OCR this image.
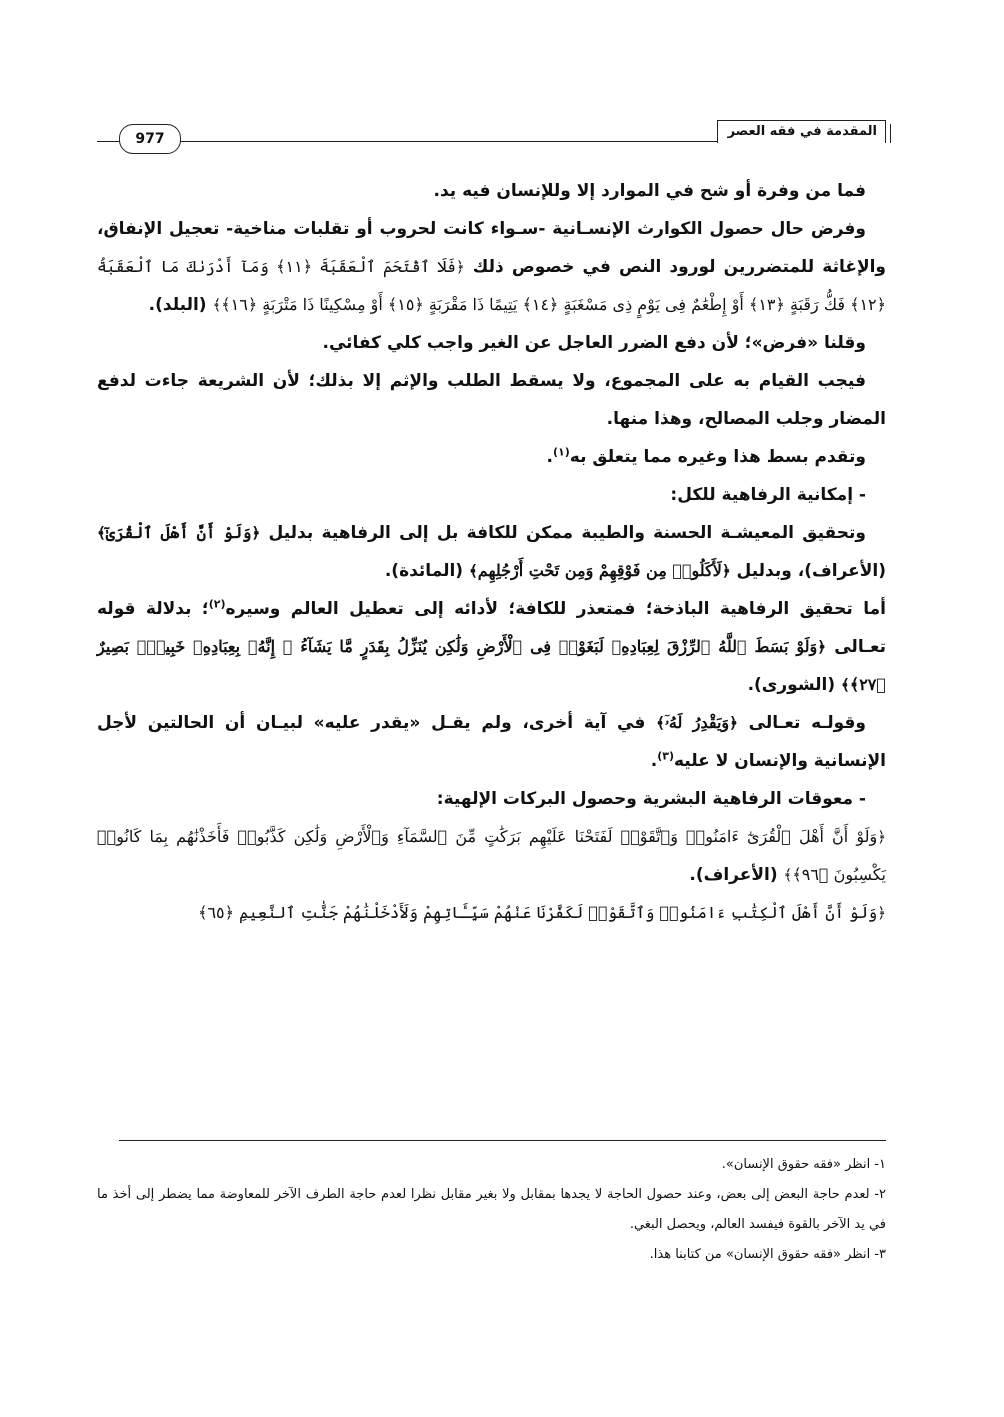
المقدمة في فقه العصر
977

فما من وفرة أو شح في الموارد إلا وللإنسان فيه يد.

وفرض حال حصول الكوارث الإنسـانية -سـواء كانت لحروب أو تقلبات مناخية- تعجيل الإنفاق، والإغاثة للمتضررين لورود النص في خصوص ذلك ﴿فَلَا ٱقْتَحَمَ ٱلْعَقَبَةَ ﴿١١﴾ وَمَآ أَدْرَىٰكَ مَا ٱلْعَقَبَةُ ﴿١٢﴾ فَكُّ رَقَبَةٍ ﴿١٣﴾ أَوْ إِطْعَٰمٌ فِى يَوْمٍ ذِى مَسْغَبَةٍ ﴿١٤﴾ يَتِيمًا ذَا مَقْرَبَةٍ ﴿١٥﴾ أَوْ مِسْكِينًا ذَا مَتْرَبَةٍ ﴿١٦﴾﴾ (البلد).

وقلنا «فرض»؛ لأن دفع الضرر العاجل عن الغير واجب كلي كفائي.

فيجب القيام به على المجموع، ولا يسقط الطلب والإثم إلا بذلك؛ لأن الشريعة جاءت لدفع المضار وجلب المصالح، وهذا منها.

وتقدم بسط هذا وغيره مما يتعلق به$^{(١)}$.

- إمكانية الرفاهية للكل:

وتحقيق المعيشـة الحسنة والطيبة ممكن للكافة بل إلى الرفاهية بدليل ﴿وَلَوْ أَنَّ أَهْلَ ٱلْقُرَىٰٓ﴾ (الأعراف)، وبدليل ﴿لَأَكَلُوا۟ مِن فَوْقِهِمْ وَمِن تَحْتِ أَرْجُلِهِم﴾ (المائدة).

أما تحقيق الرفاهية الباذخة؛ فمتعذر للكافة؛ لأدائه إلى تعطيل العالم وسيره$^{(٢)}$؛ بدلالة قوله تعـالى ﴿وَلَوْ بَسَطَ ٱللَّهُ ٱلرِّزْقَ لِعِبَادِهِۦ لَبَغَوْا۟ فِى ٱلْأَرْضِ وَلَٰكِن يُنَزِّلُ بِقَدَرٍ مَّا يَشَآءُ ۚ إِنَّهُۥ بِعِبَادِهِۦ خَبِيرٌۢ بَصِيرٌ ﴿٢٧﴾﴾ (الشورى).

وقولـه تعـالى ﴿وَيَقْدِرُ لَهُۥٓ﴾ في آية أخرى، ولم يقـل «يقدر عليه» لبيـان أن الحالتين لأجل الإنسانية والإنسان لا عليه$^{(٣)}$.

- معوقات الرفاهية البشرية وحصول البركات الإلهية:

﴿وَلَوْ أَنَّ أَهْلَ ٱلْقُرَىٰٓ ءَامَنُوا۟ وَٱتَّقَوْا۟ لَفَتَحْنَا عَلَيْهِم بَرَكَٰتٍ مِّنَ ٱلسَّمَآءِ وَٱلْأَرْضِ وَلَٰكِن كَذَّبُوا۟ فَأَخَذْنَٰهُم بِمَا كَانُوا۟ يَكْسِبُونَ ﴿٩٦﴾﴾ (الأعراف).

﴿وَلَوْ أَنَّ أَهْلَ ٱلْكِتَٰبِ ءَامَنُوا۟ وَٱتَّقَوْا۟ لَكَفَّرْنَا عَنْهُمْ سَيِّـَٔاتِهِمْ وَلَأَدْخَلْنَٰهُمْ جَنَّٰتِ ٱلنَّعِيمِ ﴿٦٥﴾

١- انظر «فقه حقوق الإنسان».

٢- لعدم حاجة البعض إلى بعض، وعند حصول الحاجة لا يجدها بمقابل ولا بغير مقابل نظرا لعدم حاجة الطرف الآخر للمعاوضة مما يضطر إلى أخذ ما في يد الآخر بالقوة فيفسد العالم، ويحصل البغي.

٣- انظر «فقه حقوق الإنسان» من كتابنا هذا.
